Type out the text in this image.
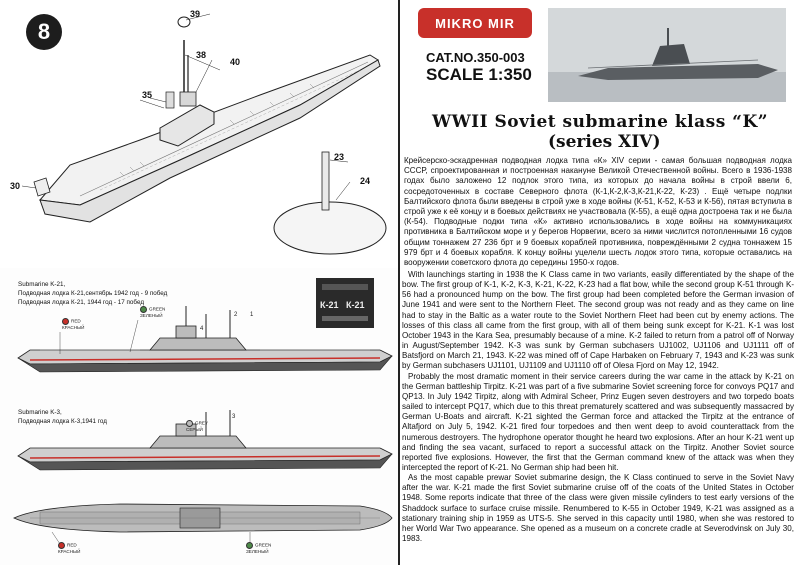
8
39
38
40
35
23
30	24
Submarine K-21,
Подводная лодка К-21,сентябрь 1942 год - 9 побед
Подводная лодка К-21, 1944 год - 17 побед	К-21 К-21
4
2 1
RED
КРАСНЫЙ
GREEN
ЗЕЛЕНЫЙ
Submarine K-3,
Подводная лодка К-3,1941 год
3
GREY
СЕРЫЙ
RED
КРАСНЫЙ
GREEN
ЗЕЛЕНЫЙ
MIKRO MIR
CAT.NO.350-003
SCALE 1:350
WWII Soviet submarine klass “K”
(series XIV)
Крейсерско-эскадренная подводная лодка типа «К» XIV серии - самая большая подводная лодка СССР, спроектированная и построенная накануне Великой Отечественной войны. Всего в 1936-1938 годах было заложено 12 подлок этого типа, из которых до начала войны в строй ввели 6, сосредоточенных в составе Северного флота (К-1,К-2,К-3,К-21,К-22, К-23) . Ещё четыре подлки Балтийского флота были введены в строй уже в ходе войны (К-51, К-52, К-53 и К-56), пятая вступила в строй уже к её концу и в боевых действиях не участвовала (К-55), а ещё одна достроена так и не была (К-54). Подводные подки типа «К» активно использовались в ходе войны на коммуникациях противника в Балтийском море и у берегов Норвегии, всего за ними числится потопленными 16 судов общим тоннажем 27 236 брт и 9 боевых кораблей противника, повреждёнными 2 судна тоннажем 15 979 брт и 4 боевых корабля. К концу войны уцелели шесть лодок этого типа, которые оставались на вооружении советского флота до середины 1950-х годов.

With launchings starting in 1938 the K Class came in two variants, easily differentiated by the shape of the bow. The first group of K-1, K-2, K-3, K-21, K-22, K-23 had a flat bow, while the second group K-51 through K-56 had a pronounced hump on the bow. The first group had been completed before the German invasion of June 1941 and were sent to the Northern Fleet. The second group was not ready and as they came on line had to stay in the Baltic as a water route to the Soviet Northern Fleet had been cut by enemy actions. The losses of this class all came from the first group, with all of them being sunk except for K-21. K-1 was lost October 1943 in the Kara Sea, presumably because of a mine. K-2 failed to return from a patrol off of Norway in August/September 1942. K-3 was sunk by German subchasers UJ1002, UJ1106 and UJ1111 off of Batsfjord on March 21, 1943. K-22 was mined off of Cape Harbaken on February 7, 1943 and K-23 was sunk by German subchasers UJ1101, UJ1109 and UJ1110 off of Olesa Fjord on May 12, 1942.

Probably the most dramatic moment in their service careers during the war came in the attack by K-21 on the German battleship Tirpitz. K-21 was part of a five submarine Soviet screening force for convoys PQ17 and QP13. In July 1942 Tirpitz, along with Admiral Scheer, Prinz Eugen seven destroyers and two torpedo boats sailed to intercept PQ17, which due to this threat prematurely scattered and was subsequently massacred by German U-Boats and aircraft. K-21 sighted the German force and attacked the Tirpitz at the entrance of Altafjord on July 5, 1942. K-21 fired four torpedoes and then went deep to avoid counterattack from the numerous destroyers. The hydrophone operator thought he heard two explosions. After an hour K-21 went up and finding the sea vacant, surfaced to report a successful attack on the Tirpitz. Another Soviet source reported five explosions. However, the first that the German command knew of the attack was when they intercepted the report of K-21. No German ship had been hit.

As the most capable prewar Soviet submarine design, the K Class continued to serve in the Soviet Navy after the war. K-21 made the first Soviet submarine cruise off of the coats of the United States in October 1948. Some reports indicate that three of the class were given missile cylinders to test early versions of the Shaddock surface to surface cruise missile. Renumbered to K-55 in October 1949, K-21 was assigned as a stationary training ship in 1959 as UTS-5. She served in this capacity until 1980, when she was restored to her World War Two appearance. She opened as a museum on a concrete cradle at Severodvinsk on July 30, 1983.
